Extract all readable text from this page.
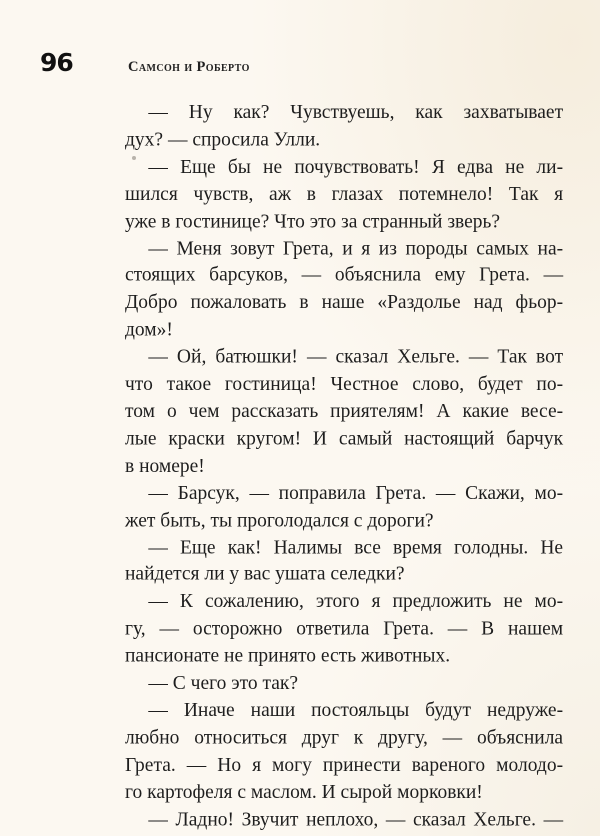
96	Самсон и Роберто

— Ну как? Чувствуешь, как захватывает
дух? — спросила Улли.

— Еще бы не почувствовать! Я едва не ли-
шился чувств, аж в глазах потемнело! Так я
уже в гостинице? Что это за странный зверь?

— Меня зовут Грета, и я из породы самых на-
стоящих барсуков, — объяснила ему Грета. —
Добро пожаловать в наше «Раздолье над фьор-
дом»!

— Ой, батюшки! — сказал Хельге. — Так вот
что такое гостиница! Честное слово, будет по-
том о чем рассказать приятелям! А какие весе-
лые краски кругом! И самый настоящий барчук
в номере!

— Барсук, — поправила Грета. — Скажи, мо-
жет быть, ты проголодался с дороги?

— Еще как! Налимы все время голодны. Не
найдется ли у вас ушата селедки?

— К сожалению, этого я предложить не мо-
гу, — осторожно ответила Грета. — В нашем
пансионате не принято есть животных.

— С чего это так?

— Иначе наши постояльцы будут недруже-
любно относиться друг к другу, — объяснила
Грета. — Но я могу принести вареного молодо-
го картофеля с маслом. И сырой морковки!

— Ладно! Звучит неплохо, — сказал Хельге. —
